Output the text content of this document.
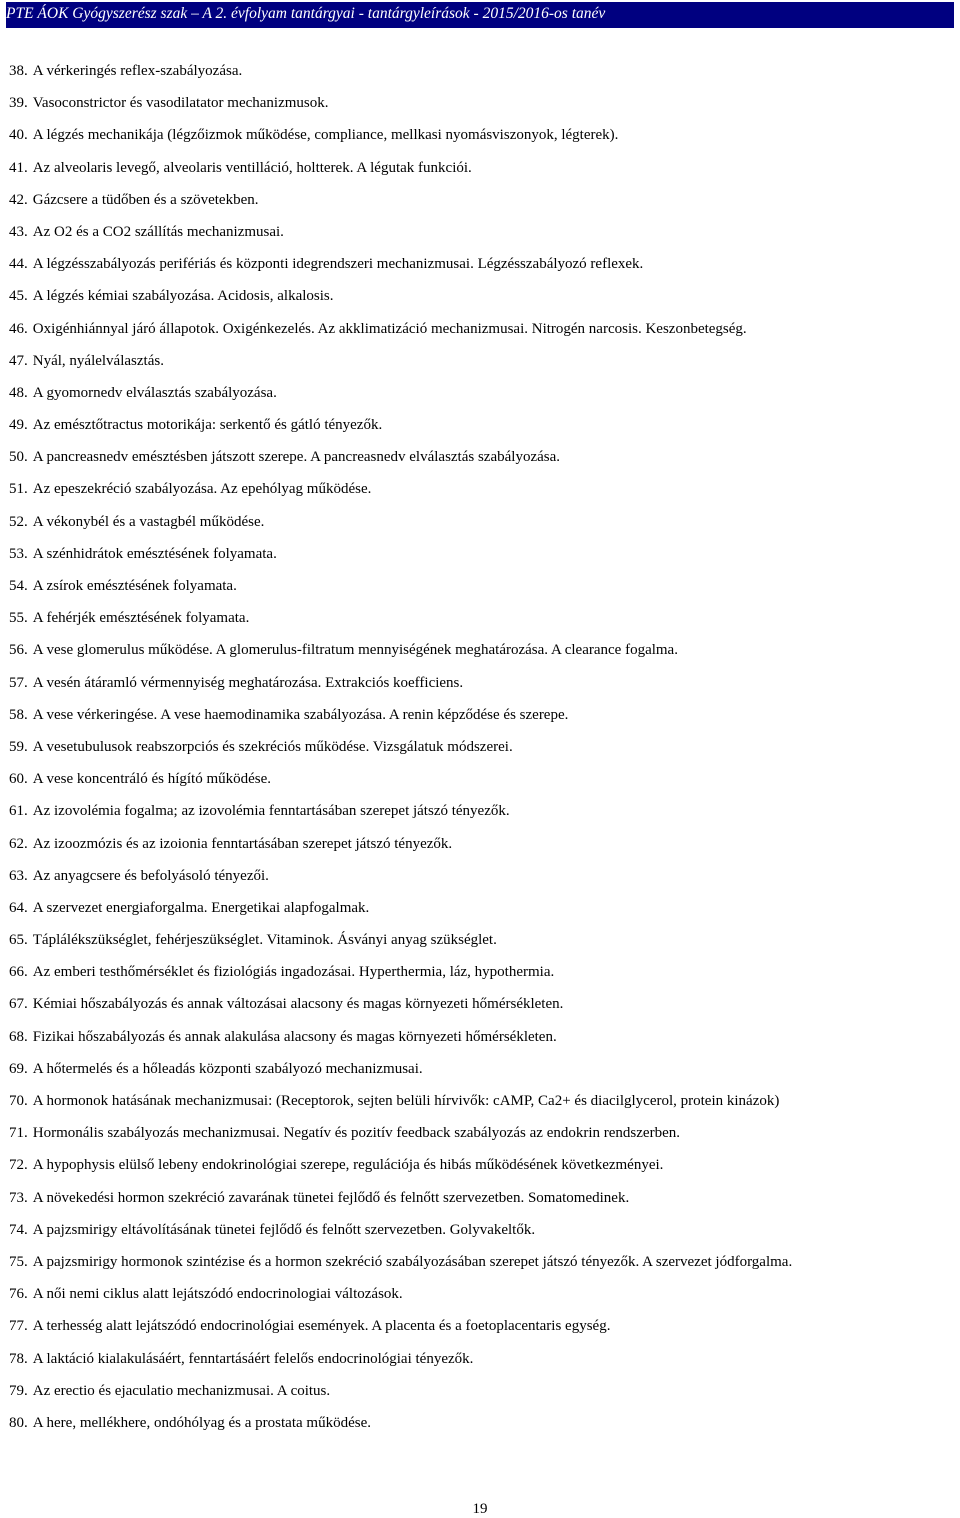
PTE ÁOK Gyógyszerész szak – A 2. évfolyam tantárgyai - tantárgyleírások - 2015/2016-os tanév
38. A vérkeringés reflex-szabályozása.
39. Vasoconstrictor és vasodilatator mechanizmusok.
40. A légzés mechanikája (légzőizmok működése, compliance, mellkasi nyomásviszonyok, légterek).
41. Az alveolaris levegő, alveolaris ventilláció, holtterek. A légutak funkciói.
42. Gázcsere a tüdőben és a szövetekben.
43. Az O2 és a CO2 szállítás mechanizmusai.
44. A légzésszabályozás perifériás és központi idegrendszeri mechanizmusai. Légzésszabályozó reflexek.
45. A légzés kémiai szabályozása. Acidosis, alkalosis.
46. Oxigénhiánnyal járó állapotok. Oxigénkezelés. Az akklimatizáció mechanizmusai. Nitrogén narcosis. Keszonbetegség.
47. Nyál, nyálelválasztás.
48. A gyomornedv elválasztás szabályozása.
49. Az emésztőtractus motorikája: serkentő és gátló tényezők.
50. A pancreasnedv emésztésben játszott szerepe. A pancreasnedv elválasztás szabályozása.
51. Az epeszekréció szabályozása. Az epehólyag működése.
52. A vékonybél és a vastagbél működése.
53. A szénhidrátok emésztésének folyamata.
54. A zsírok emésztésének folyamata.
55. A fehérjék emésztésének folyamata.
56. A vese glomerulus működése. A glomerulus-filtratum mennyiségének meghatározása. A clearance fogalma.
57. A vesén átáramló vérmennyiség meghatározása. Extrakciós koefficiens.
58. A vese vérkeringése. A vese haemodinamika szabályozása. A renin képződése és szerepe.
59. A vesetubulusok reabszorpciós és szekréciós működése. Vizsgálatuk módszerei.
60. A vese koncentráló és hígító működése.
61. Az izovolémia fogalma; az izovolémia fenntartásában szerepet játszó tényezők.
62. Az izoozmózis és az izoionia fenntartásában szerepet játszó tényezők.
63. Az anyagcsere és befolyásoló tényezői.
64. A szervezet energiaforgalma. Energetikai alapfogalmak.
65. Táplálékszükséglet, fehérjeszükséglet. Vitaminok. Ásványi anyag szükséglet.
66. Az emberi testhőmérséklet és fiziológiás ingadozásai. Hyperthermia, láz, hypothermia.
67. Kémiai hőszabályozás és annak változásai alacsony és magas környezeti hőmérsékleten.
68. Fizikai hőszabályozás és annak alakulása alacsony és magas környezeti hőmérsékleten.
69. A hőtermelés és a hőleadás központi szabályozó mechanizmusai.
70. A hormonok hatásának mechanizmusai: (Receptorok, sejten belüli hírvivők: cAMP, Ca2+ és diacilglycerol, protein kinázok)
71. Hormonális szabályozás mechanizmusai. Negatív és pozitív feedback szabályozás az endokrin rendszerben.
72. A hypophysis elülső lebeny endokrinológiai szerepe, regulációja és hibás működésének következményei.
73. A növekedési hormon szekréció zavarának tünetei fejlődő és felnőtt szervezetben. Somatomedinek.
74. A pajzsmirigy eltávolításának tünetei fejlődő és felnőtt szervezetben. Golyvakeltők.
75. A pajzsmirigy hormonok szintézise és a hormon szekréció szabályozásában szerepet játszó tényezők. A szervezet jódforgalma.
76. A női nemi ciklus alatt lejátszódó endocrinologiai változások.
77. A terhesség alatt lejátszódó endocrinológiai események. A placenta és a foetoplacentaris egység.
78. A laktáció kialakulásáért, fenntartásáért felelős endocrinológiai tényezők.
79. Az erectio és ejaculatio mechanizmusai. A coitus.
80. A here, mellékhere, ondóhólyag és a prostata működése.
19
